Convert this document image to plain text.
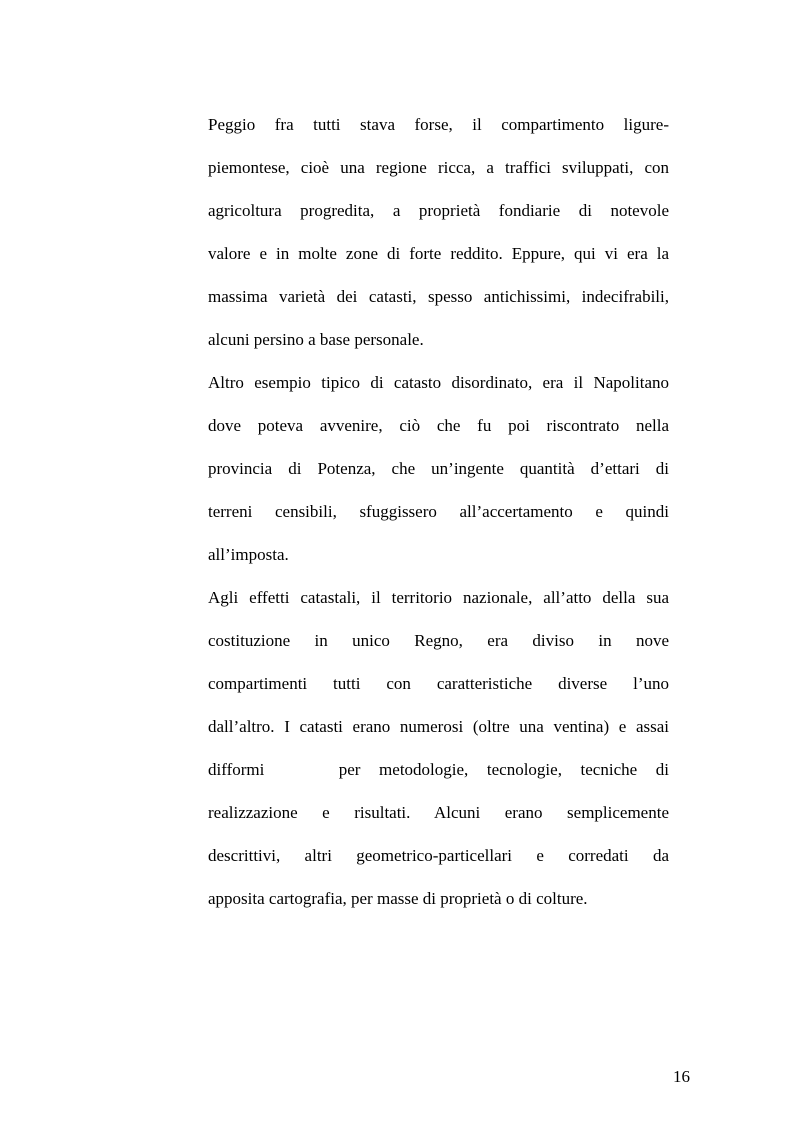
Peggio fra tutti stava forse, il compartimento ligure-
piemontese, cioè una regione ricca, a traffici sviluppati, con
agricoltura progredita, a proprietà fondiarie di notevole
valore e in molte zone di forte reddito. Eppure, qui vi era la
massima varietà dei catasti, spesso antichissimi, indecifrabili,
alcuni persino a base personale.
Altro esempio tipico di catasto disordinato, era il Napolitano
dove poteva avvenire, ciò che fu poi riscontrato nella
provincia di Potenza, che un’ingente quantità d’ettari di
terreni censibili, sfuggissero all’accertamento e quindi
all’imposta.
Agli effetti catastali, il territorio nazionale, all’atto della sua
costituzione in unico Regno, era diviso in nove
compartimenti tutti con caratteristiche diverse l’uno
dall’altro. I catasti erano numerosi (oltre una ventina) e assai
difformi    per metodologie, tecnologie, tecniche di
realizzazione e risultati. Alcuni erano semplicemente
descrittivi, altri geometrico-particellari e corredati da
apposita cartografia, per masse di proprietà o di colture.
16
